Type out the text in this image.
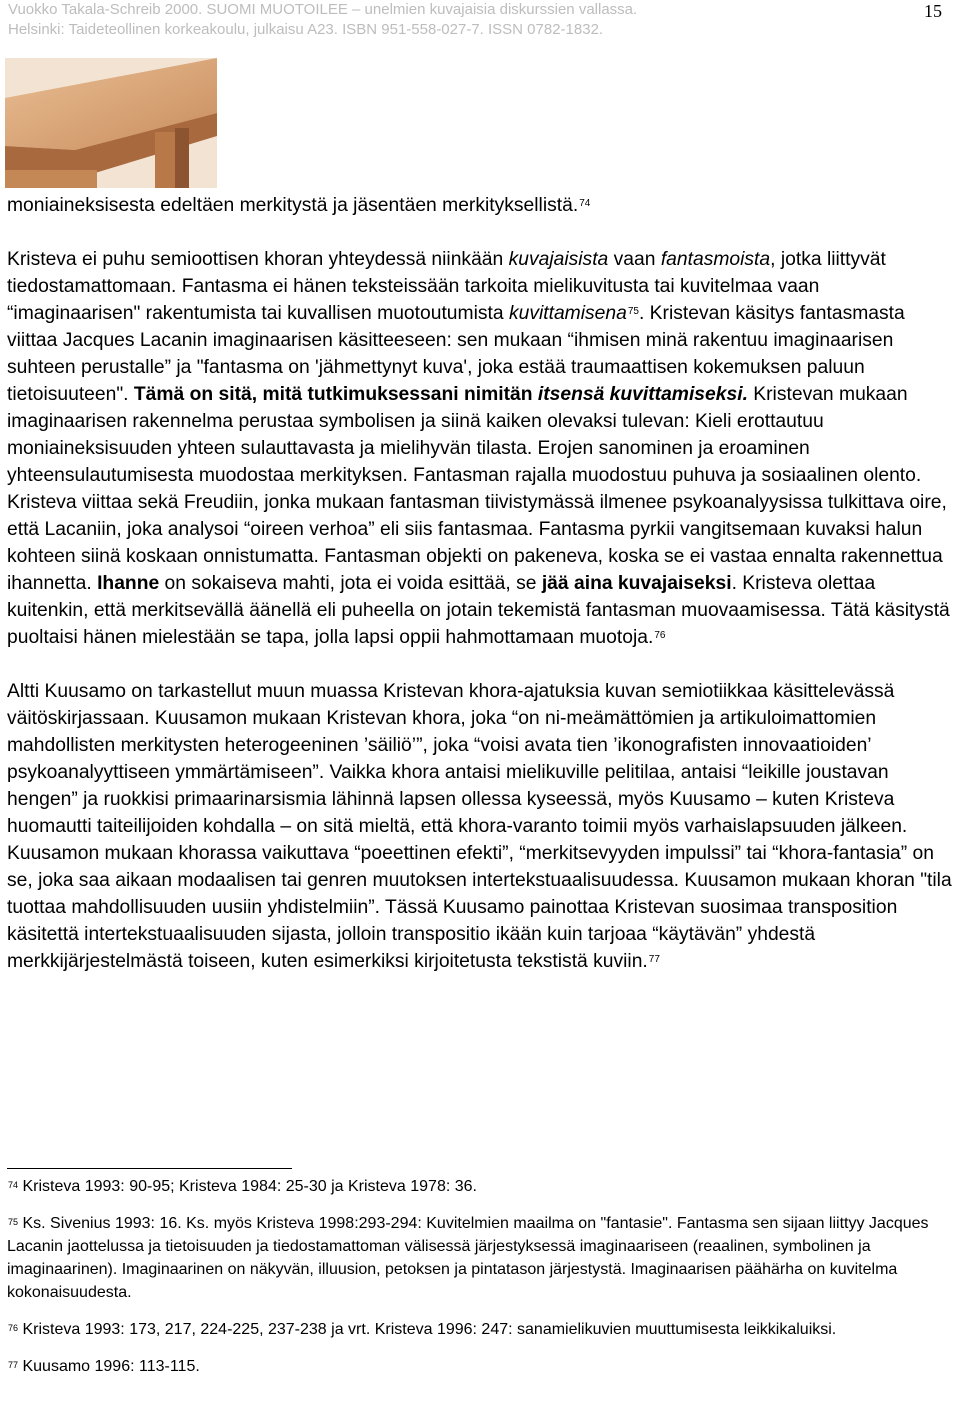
Vuokko Takala-Schreib 2000. SUOMI MUOTOILEE – unelmien kuvajaisia diskurssien vallassa.
Helsinki: Taideteollinen korkeakoulu, julkaisu A23. ISBN 951-558-027-7. ISSN 0782-1832.
15

moniaineksisesta edeltäen merkitystä ja jäsentäen merkityksellistä.$^{74}$

Kristeva ei puhu semioottisen khoran yhteydessä niinkään kuvajaisista vaan fantasmoista, jotka liittyvät tiedostamattomaan. Fantasma ei hänen teksteissään tarkoita mielikuvitusta tai kuvitelmaa vaan “imaginaarisen" rakentumista tai kuvallisen muotoutumista kuvittamisena$^{75}$. Kristevan käsitys fantasmasta viittaa Jacques Lacanin imaginaarisen käsitteeseen: sen mukaan “ihmisen minä rakentuu imaginaarisen suhteen perustalle” ja "fantasma on 'jähmettynyt kuva', joka estää traumaattisen kokemuksen paluun tietoisuuteen". Tämä on sitä, mitä tutkimuksessani nimitän itsensä kuvittamiseksi. Kristevan mukaan imaginaarisen rakennelma perustaa symbolisen ja siinä kaiken olevaksi tulevan: Kieli erottautuu moniaineksisuuden yhteen sulauttavasta ja mielihyvän tilasta. Erojen sanominen ja eroaminen yhteensulautumisesta muodostaa merkityksen. Fantasman rajalla muodostuu puhuva ja sosiaalinen olento. Kristeva viittaa sekä Freudiin, jonka mukaan fantasman tiivistymässä ilmenee psykoanalyysissa tulkittava oire, että Lacaniin, joka analysoi “oireen verhoa” eli siis fantasmaa. Fantasma pyrkii vangitsemaan kuvaksi halun kohteen siinä koskaan onnistumatta. Fantasman objekti on pakeneva, koska se ei vastaa ennalta rakennettua ihannetta. Ihanne on sokaiseva mahti, jota ei voida esittää, se jää aina kuvajaiseksi. Kristeva olettaa kuitenkin, että merkitsevällä äänellä eli puheella on jotain tekemistä fantasman muovaamisessa. Tätä käsitystä puoltaisi hänen mielestään se tapa, jolla lapsi oppii hahmottamaan muotoja.$^{76}$

Altti Kuusamo on tarkastellut muun muassa Kristevan khora-ajatuksia kuvan semiotiikkaa käsittelevässä väitöskirjassaan. Kuusamon mukaan Kristevan khora, joka “on ni-meämättömien ja artikuloimattomien mahdollisten merkitysten heterogeeninen ’säiliö’”, joka “voisi avata tien ’ikonografisten innovaatioiden’ psykoanalyyttiseen ymmärtämiseen”. Vaikka khora antaisi mielikuville pelitilaa, antaisi “leikille joustavan hengen” ja ruokkisi primaarinarsismia lähinnä lapsen ollessa kyseessä, myös Kuusamo – kuten Kristeva huomautti taiteilijoiden kohdalla – on sitä mieltä, että khora-varanto toimii myös varhaislapsuuden jälkeen. Kuusamon mukaan khorassa vaikuttava “poeettinen efekti”, “merkitsevyyden impulssi” tai “khora-fantasia” on se, joka saa aikaan modaalisen tai genren muutoksen intertekstuaalisuudessa. Kuusamon mukaan khoran "tila tuottaa mahdollisuuden uusiin yhdistelmiin”. Tässä Kuusamo painottaa Kristevan suosimaa transposition käsitettä intertekstuaalisuuden sijasta, jolloin transpositio ikään kuin tarjoaa “käytävän” yhdestä merkkijärjestelmästä toiseen, kuten esimerkiksi kirjoitetusta tekstistä kuviin.$^{77}$

$^{74}$ Kristeva 1993: 90-95; Kristeva 1984: 25-30 ja Kristeva 1978: 36.

$^{75}$ Ks. Sivenius 1993: 16. Ks. myös Kristeva 1998:293-294: Kuvitelmien maailma on "fantasie". Fantasma sen sijaan liittyy Jacques Lacanin jaottelussa ja tietoisuuden ja tiedostamattoman välisessä järjestyksessä imaginaariseen (reaalinen, symbolinen ja imaginaarinen). Imaginaarinen on näkyvän, illuusion, petoksen ja pintatason järjestystä. Imaginaarisen päähärha on kuvitelma kokonaisuudesta.

$^{76}$ Kristeva 1993: 173, 217, 224-225, 237-238 ja vrt. Kristeva 1996: 247: sanamielikuvien muuttumisesta leikkikaluiksi.

$^{77}$ Kuusamo 1996: 113-115.
